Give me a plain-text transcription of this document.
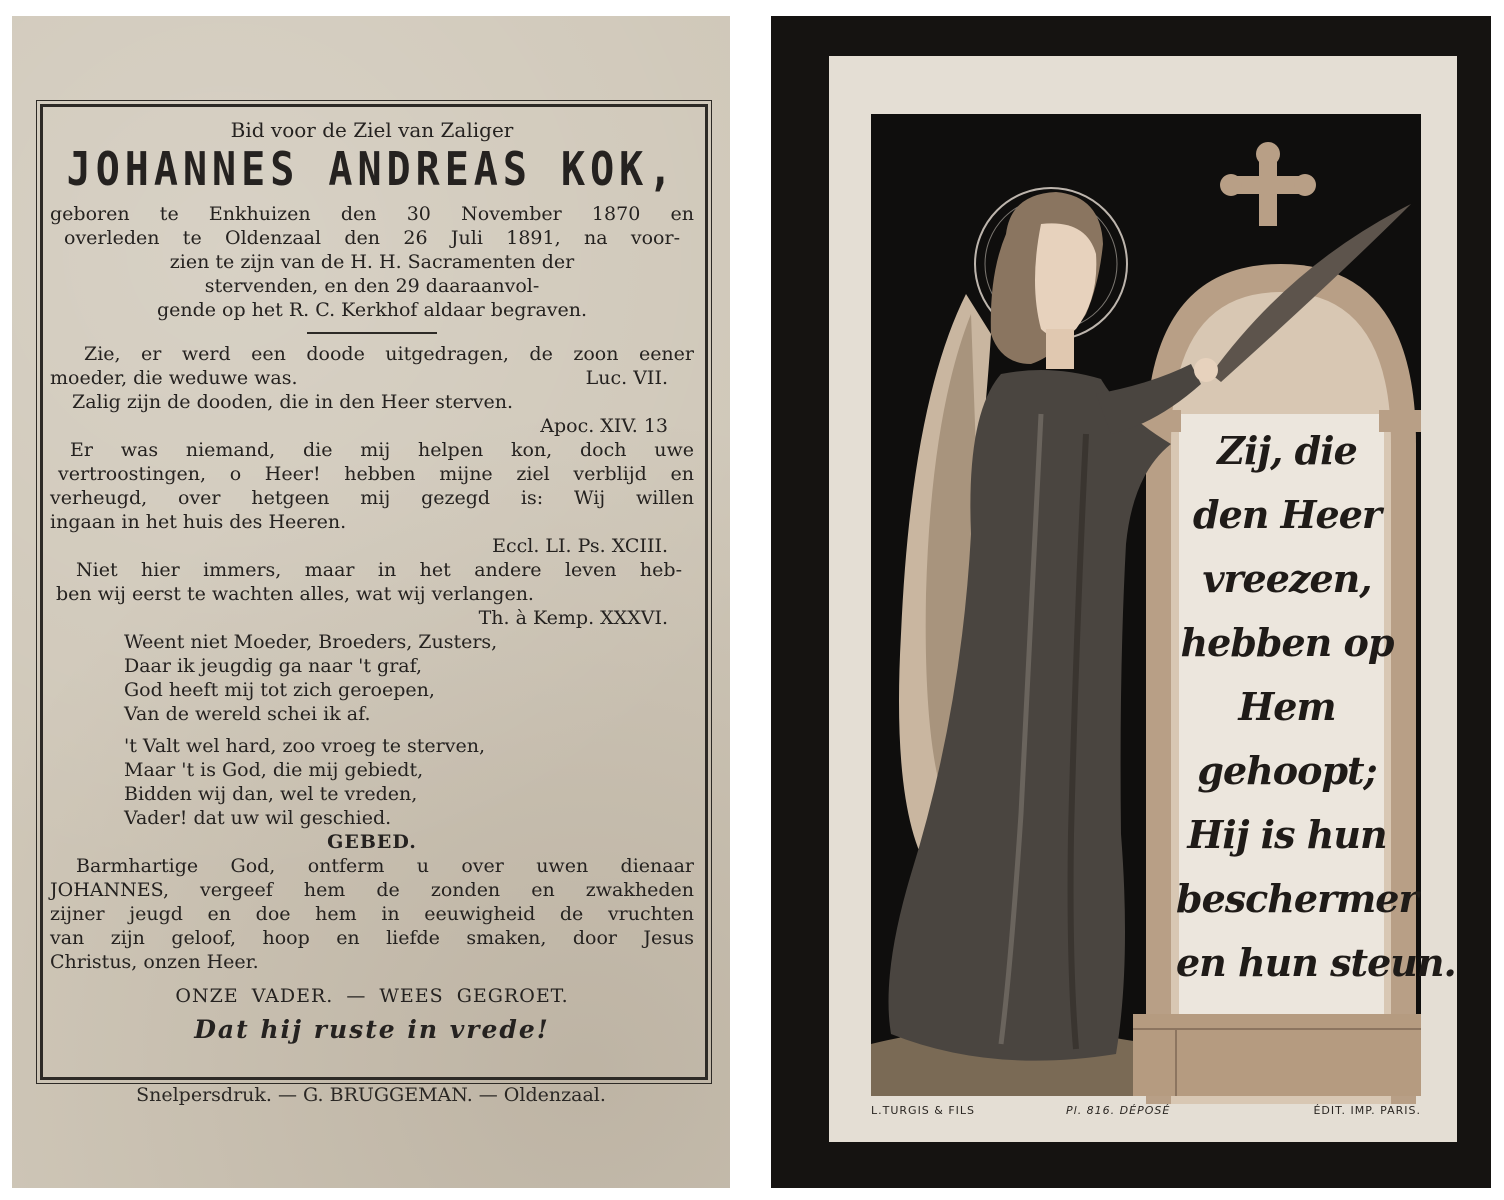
Bid voor de Ziel van Zaliger
JOHANNES ANDREAS KOK,
geboren te Enkhuizen den 30 November 1870 en
overleden te Oldenzaal den 26 Juli 1891, na voor-
zien te zijn van de H. H. Sacramenten der
stervenden, en den 29 daaraanvol-
gende op het R. C. Kerkhof aldaar begraven.
Zie, er werd een doode uitgedragen, de zoon eener
moeder, die weduwe was.	Luc. VII.
Zalig zijn de dooden, die in den Heer sterven.
Apoc. XIV. 13
Er was niemand, die mij helpen kon, doch uwe
vertroostingen, o Heer! hebben mijne ziel verblijd en
verheugd, over hetgeen mij gezegd is: Wij willen
ingaan in het huis des Heeren.
Eccl. LI. Ps. XCIII.
Niet hier immers, maar in het andere leven heb-
ben wij eerst te wachten alles, wat wij verlangen.
Th. à Kemp. XXXVI.
Weent niet Moeder, Broeders, Zusters,
Daar ik jeugdig ga naar 't graf,
God heeft mij tot zich geroepen,
Van de wereld schei ik af.
't Valt wel hard, zoo vroeg te sterven,
Maar 't is God, die mij gebiedt,
Bidden wij dan, wel te vreden,
Vader! dat uw wil geschied.
GEBED.
Barmhartige God, ontferm u over uwen dienaar
JOHANNES, vergeef hem de zonden en zwakheden
zijner jeugd en doe hem in eeuwigheid de vruchten
van zijn geloof, hoop en liefde smaken, door Jesus
Christus, onzen Heer.
ONZE VADER. — WEES GEGROET.
Dat hij ruste in vrede!
Snelpersdruk. — G. BRUGGEMAN. — Oldenzaal.
Zij, die
den Heer
vreezen,
hebben op
Hem
gehoopt;
Hij is hun
beschermer
en hun steun.
L.TURGIS & FILS	Pl. 816. DÉPOSÉ	ÉDIT. IMP. PARIS.
